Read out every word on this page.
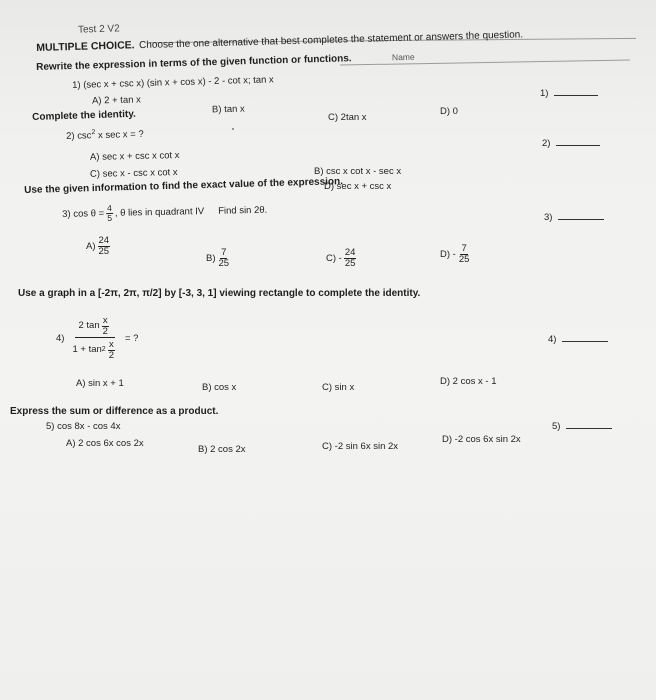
Test 2 V2
Name
MULTIPLE CHOICE. Choose the one alternative that best completes the statement or answers the question.
Rewrite the expression in terms of the given function or functions.
1) (sec x + csc x) (sin x + cos x) - 2 - cot x; tan x
A) 2 + tan x
B) tan x
C) 2tan x
D) 0
1)
Complete the identity.
2) $\csc^2 x$ sec x = ?
A) sec x + csc x cot x
C) sec x - csc x cot x	B) csc x cot x - sec x
D) sec x + csc x
2)
Use the given information to find the exact value of the expression.
3)
$\cos \theta = \frac{4}{5}$ , θ lies in quadrant IV Find sin 2θ.
$A) \frac{24}{25}$
$B) \frac{7}{25}$	C)
- $\frac{24}{25}$	D)
- $\frac{7}{25}$
3)
Use a graph in a [-2π, 2π, π/2] by [-3, 3, 1] viewing rectangle to complete the identity.
$4) \frac{2 \tan \frac{x}{2}}{1 + \tan 2 \frac{x}{2}}$ = ?
A) sin x + 1	B) cos x	C) sin x
D) 2 cos x - 1
4)
Express the sum or difference as a product.
5) cos 8x - cos 4x
A) 2 cos 6x cos 2x
B) 2 cos 2x	C) -2 sin 6x sin 2x
D) -2 cos 6x sin 2x
5)
